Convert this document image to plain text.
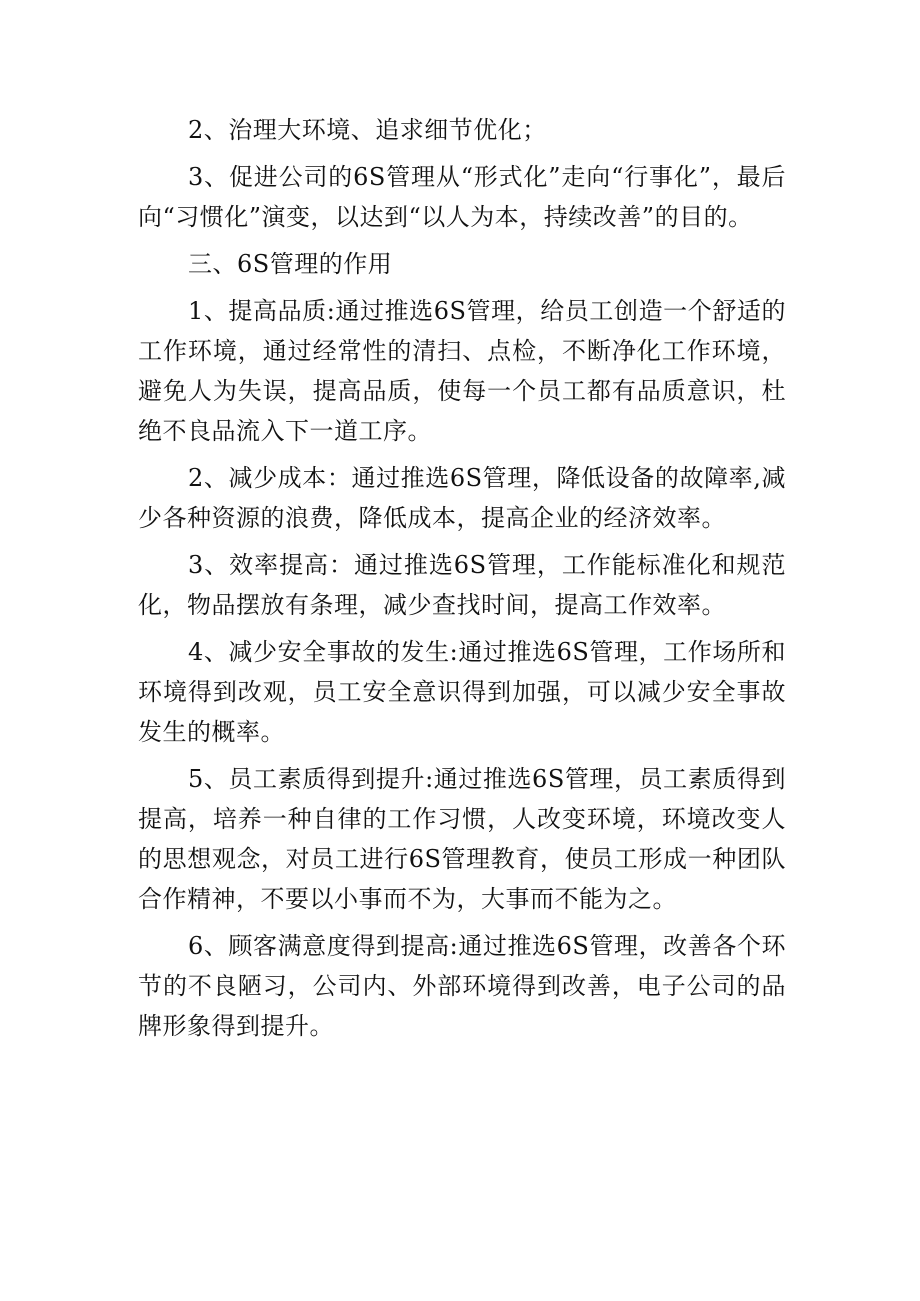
2、治理大环境、追求细节优化；

3、促进公司的6S管理从“形式化”走向“行事化”，最后向“习惯化”演变，以达到“以人为本，持续改善”的目的。

三、6S管理的作用

1、提高品质:通过推选6S管理，给员工创造一个舒适的工作环境，通过经常性的清扫、点检，不断净化工作环境，避免人为失误，提高品质，使每一个员工都有品质意识，杜绝不良品流入下一道工序。

2、减少成本：通过推选6S管理，降低设备的故障率,减少各种资源的浪费，降低成本，提高企业的经济效率。

3、效率提高：通过推选6S管理，工作能标准化和规范化，物品摆放有条理，减少查找时间，提高工作效率。

4、减少安全事故的发生:通过推选6S管理，工作场所和环境得到改观，员工安全意识得到加强，可以减少安全事故发生的概率。

5、员工素质得到提升:通过推选6S管理，员工素质得到提高，培养一种自律的工作习惯，人改变环境，环境改变人的思想观念，对员工进行6S管理教育，使员工形成一种团队合作精神，不要以小事而不为，大事而不能为之。

6、顾客满意度得到提高:通过推选6S管理，改善各个环节的不良陋习，公司内、外部环境得到改善，电子公司的品牌形象得到提升。
